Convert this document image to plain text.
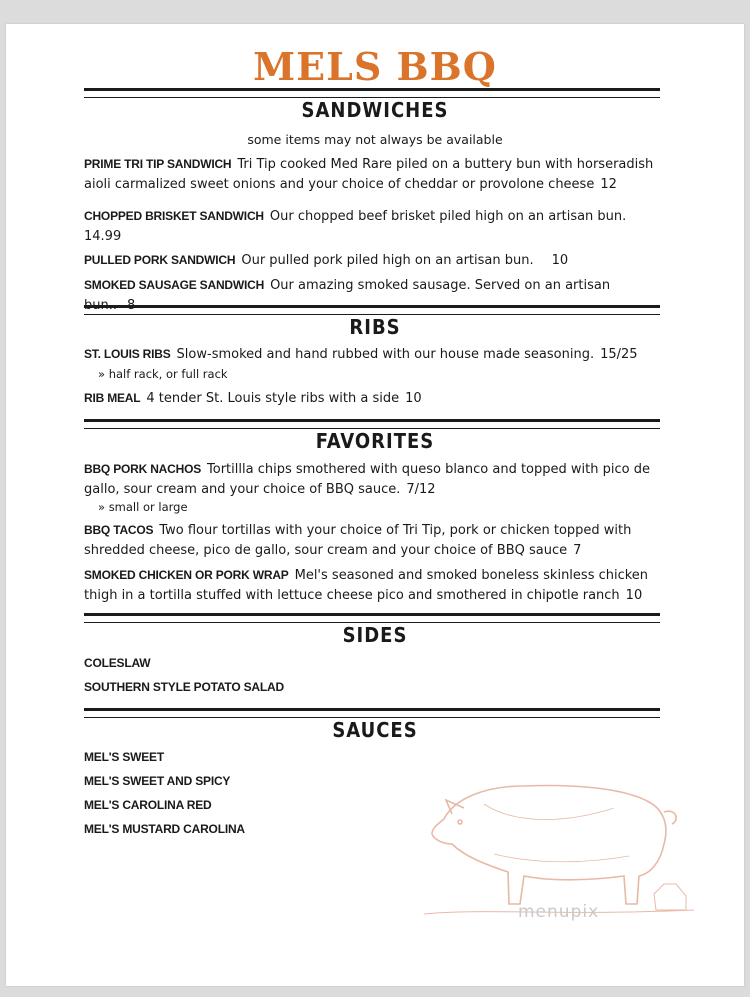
MELS BBQ
SANDWICHES
some items may not always be available
PRIME TRI TIP SANDWICH Tri Tip cooked Med Rare piled on a buttery bun with horseradish aioli carmalized sweet onions and your choice of cheddar or provolone cheese 12
CHOPPED BRISKET SANDWICH Our chopped beef brisket piled high on an artisan bun.
14.99
PULLED PORK SANDWICH Our pulled pork piled high on an artisan bun. 10
SMOKED SAUSAGE SANDWICH Our amazing smoked sausage. Served on an artisan bun.. 8
RIBS
ST. LOUIS RIBS Slow-smoked and hand rubbed with our house made seasoning. 15/25
» half rack, or full rack
RIB MEAL 4 tender St. Louis style ribs with a side 10
FAVORITES
BBQ PORK NACHOS Tortillla chips smothered with queso blanco and topped with pico de gallo, sour cream and your choice of BBQ sauce. 7/12
» small or large
BBQ TACOS Two flour tortillas with your choice of Tri Tip, pork or chicken topped with shredded cheese, pico de gallo, sour cream and your choice of BBQ sauce 7
SMOKED CHICKEN OR PORK WRAP Mel's seasoned and smoked boneless skinless chicken thigh in a tortilla stuffed with lettuce cheese pico and smothered in chipotle ranch 10
SIDES
COLESLAW
SOUTHERN STYLE POTATO SALAD
SAUCES
MEL'S SWEET
MEL'S SWEET AND SPICY
MEL'S CAROLINA RED
MEL'S MUSTARD CAROLINA
menupix
